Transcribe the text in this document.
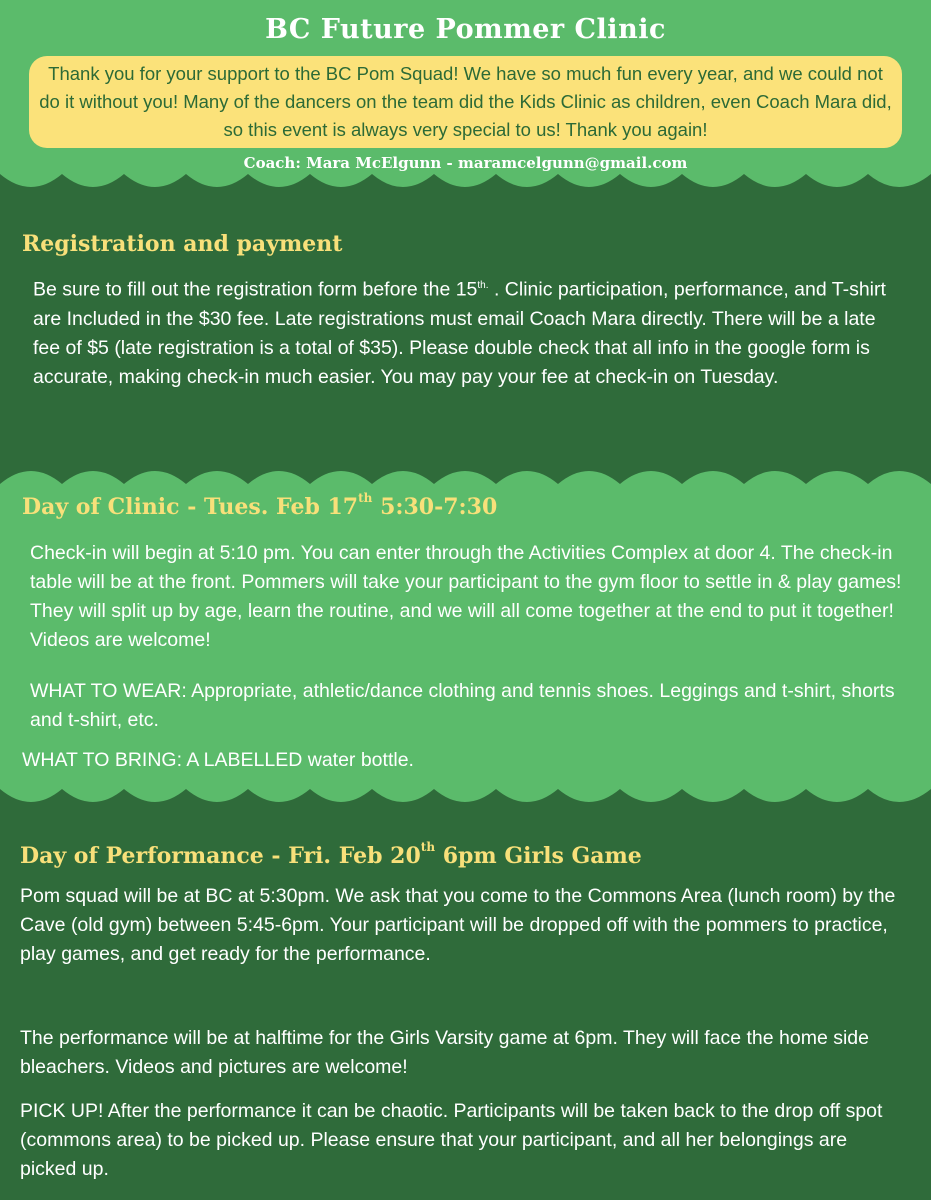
BC Future Pommer Clinic
Thank you for your support to the BC Pom Squad! We have so much fun every year, and we could not do it without you! Many of the dancers on the team did the Kids Clinic as children, even Coach Mara did, so this event is always very special to us! Thank you again!
Coach: Mara McElgunn - maramcelgunn@gmail.com
Registration and payment
Be sure to fill out the registration form before the $15^{th.}$ . Clinic participation, performance, and T-shirt are Included in the $30 fee. Late registrations must email Coach Mara directly. There will be a late fee of $5 (late registration is a total of $35). Please double check that all info in the google form is accurate, making check-in much easier. You may pay your fee at check-in on Tuesday.
Day of Clinic - Tues. Feb 17th 5:30-7:30
Check-in will begin at 5:10 pm. You can enter through the Activities Complex at door 4. The check-in table will be at the front. Pommers will take your participant to the gym floor to settle in & play games! They will split up by age, learn the routine, and we will all come together at the end to put it together! Videos are welcome!
WHAT TO WEAR: Appropriate, athletic/dance clothing and tennis shoes. Leggings and t-shirt, shorts and t-shirt, etc.
WHAT TO BRING: A LABELLED water bottle.
Day of Performance - Fri. Feb 20th 6pm Girls Game
Pom squad will be at BC at 5:30pm. We ask that you come to the Commons Area (lunch room) by the Cave (old gym) between 5:45-6pm. Your participant will be dropped off with the pommers to practice, play games, and get ready for the performance.
The performance will be at halftime for the Girls Varsity game at 6pm. They will face the home side bleachers. Videos and pictures are welcome!
PICK UP! After the performance it can be chaotic. Participants will be taken back to the drop off spot (commons area) to be picked up. Please ensure that your participant, and all her belongings are picked up.
